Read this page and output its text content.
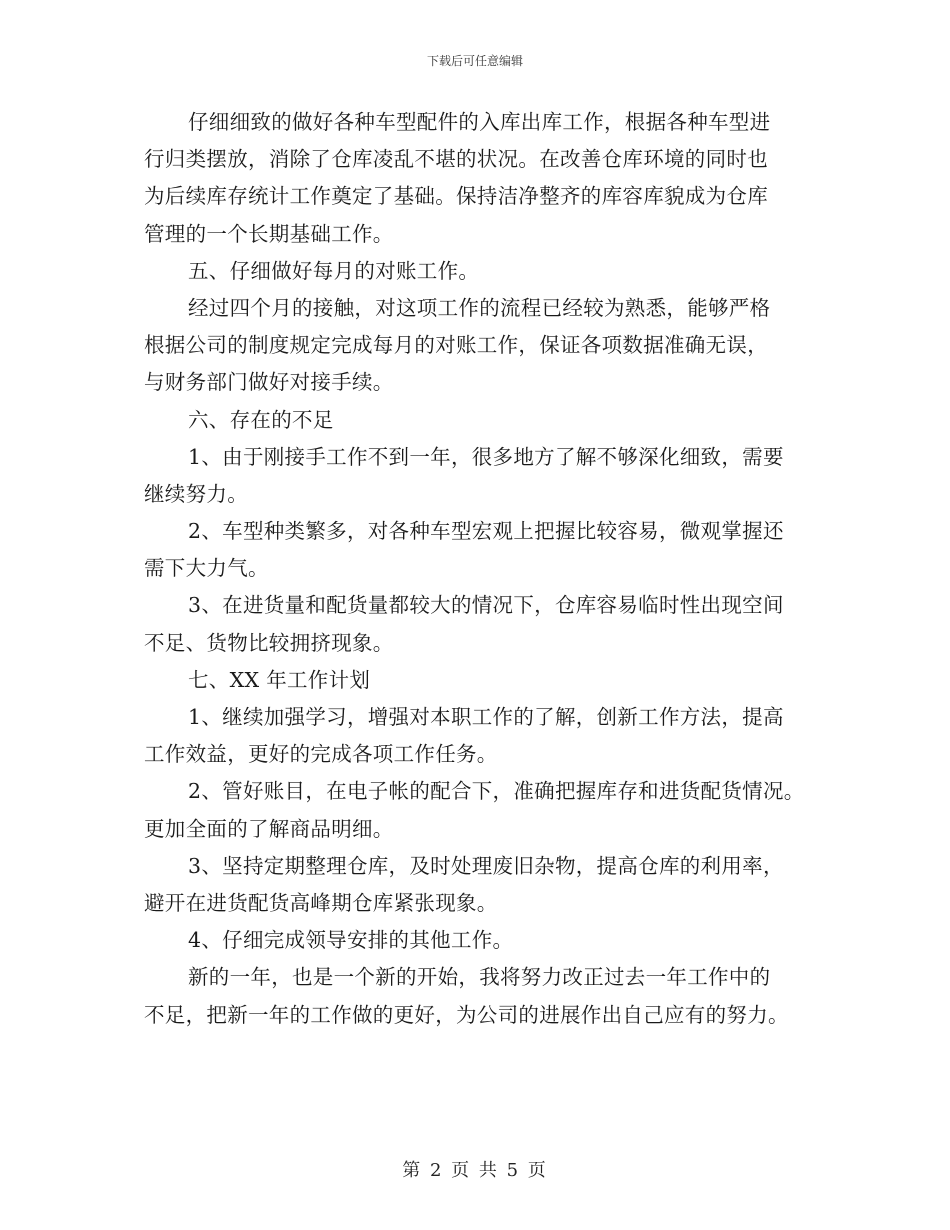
下载后可任意编辑
仔细细致的做好各种车型配件的入库出库工作，根据各种车型进
行归类摆放，消除了仓库凌乱不堪的状况。在改善仓库环境的同时也
为后续库存统计工作奠定了基础。保持洁净整齐的库容库貌成为仓库
管理的一个长期基础工作。
五、仔细做好每月的对账工作。
经过四个月的接触，对这项工作的流程已经较为熟悉，能够严格
根据公司的制度规定完成每月的对账工作，保证各项数据准确无误，
与财务部门做好对接手续。
六、存在的不足
1、由于刚接手工作不到一年，很多地方了解不够深化细致，需要
继续努力。
2、车型种类繁多，对各种车型宏观上把握比较容易，微观掌握还
需下大力气。
3、在进货量和配货量都较大的情况下，仓库容易临时性出现空间
不足、货物比较拥挤现象。
七、XX 年工作计划
1、继续加强学习，增强对本职工作的了解，创新工作方法，提高
工作效益，更好的完成各项工作任务。
2、管好账目，在电子帐的配合下，准确把握库存和进货配货情况。
更加全面的了解商品明细。
3、坚持定期整理仓库，及时处理废旧杂物，提高仓库的利用率，
避开在进货配货高峰期仓库紧张现象。
4、仔细完成领导安排的其他工作。
新的一年，也是一个新的开始，我将努力改正过去一年工作中的
不足，把新一年的工作做的更好，为公司的进展作出自己应有的努力。
第 2 页 共 5 页
